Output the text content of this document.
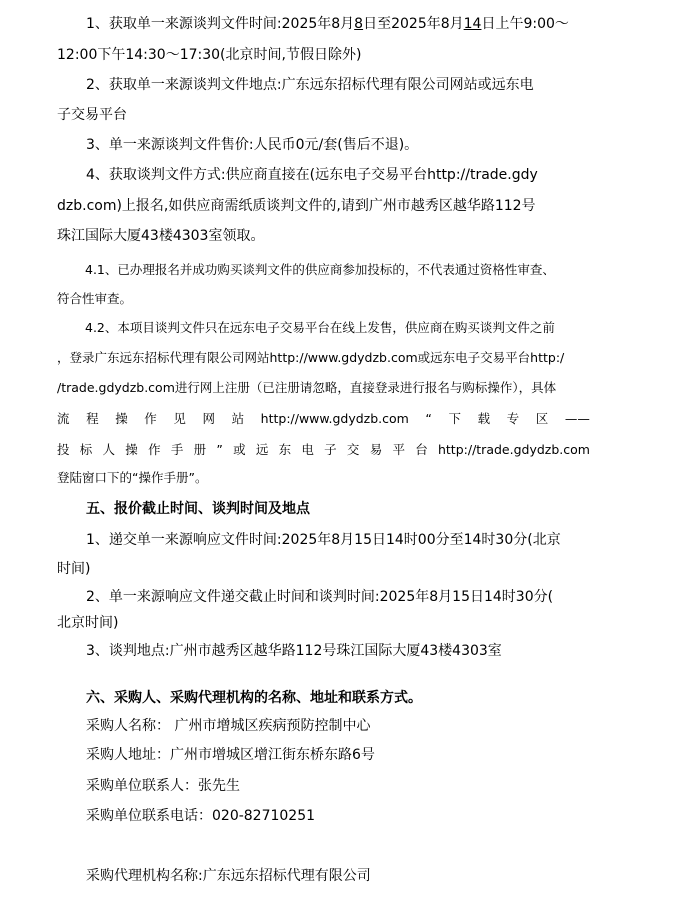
1、获取单一来源谈判文件时间:2025年8月8日至2025年8月14日上午9:00～

12:00下午14:30～17:30(北京时间,节假日除外)

2、获取单一来源谈判文件地点:广东远东招标代理有限公司网站或远东电

子交易平台

3、单一来源谈判文件售价:人民币0元/套(售后不退)。

4、获取谈判文件方式:供应商直接在(远东电子交易平台http://trade.gdy

dzb.com)上报名,如供应商需纸质谈判文件的,请到广州市越秀区越华路112号

珠江国际大厦43楼4303室领取。

4.1、已办理报名并成功购买谈判文件的供应商参加投标的，不代表通过资格性审查、

符合性审查。

4.2、本项目谈判文件只在远东电子交易平台在线上发售，供应商在购买谈判文件之前

，登录广东远东招标代理有限公司网站http://www.gdydzb.com或远东电子交易平台http:/

/trade.gdydzb.com进行网上注册（已注册请忽略，直接登录进行报名与购标操作），具体

流 程 操 作 见 网 站 http://www.gdydzb.com “ 下 载 专 区 ——
投 标 人 操 作 手 册 ” 或 远 东 电 子 交 易 平 台 http://trade.gdydzb.com

登陆窗口下的“操作手册”。

五、报价截止时间、谈判时间及地点

1、递交单一来源响应文件时间:2025年8月15日14时00分至14时30分(北京

时间)

2、单一来源响应文件递交截止时间和谈判时间:2025年8月15日14时30分(

北京时间)

3、谈判地点:广州市越秀区越华路112号珠江国际大厦43楼4303室

六、采购人、采购代理机构的名称、地址和联系方式。

采购人名称： 广州市增城区疾病预防控制中心

采购人地址：广州市增城区增江街东桥东路6号

采购单位联系人：张先生

采购单位联系电话：020-82710251

采购代理机构名称:广东远东招标代理有限公司
